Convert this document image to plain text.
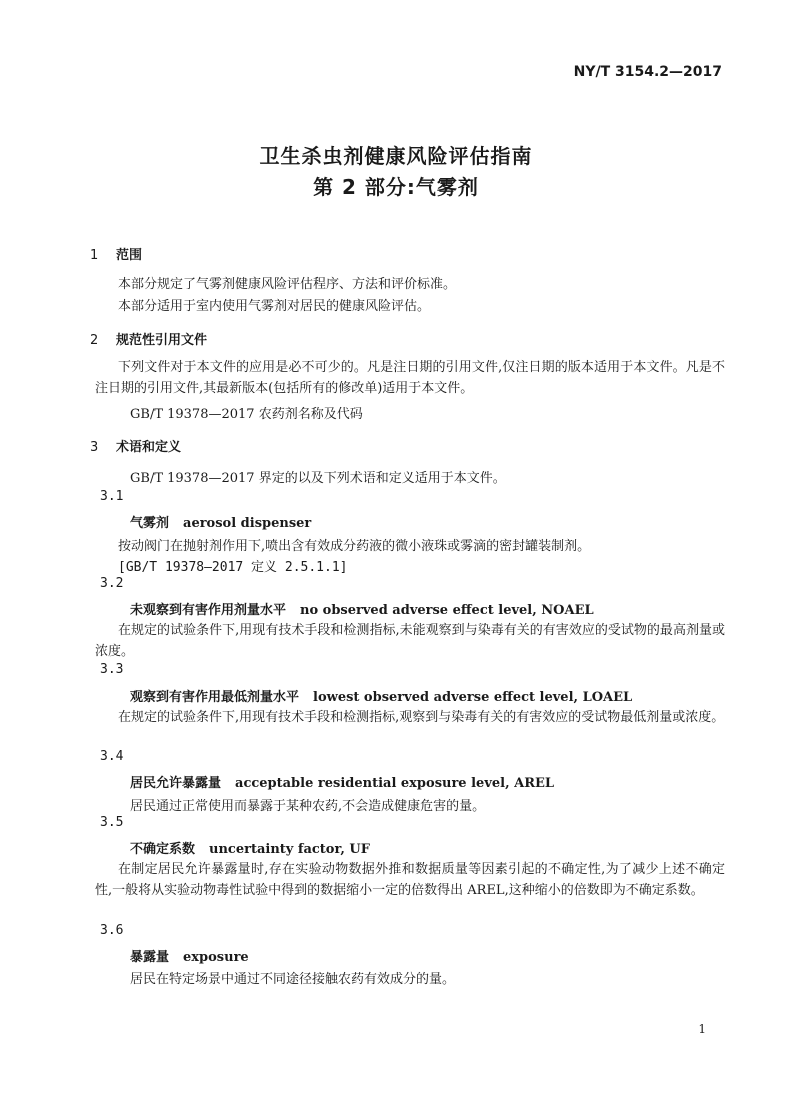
NY/T 3154.2—2017
卫生杀虫剂健康风险评估指南
第 2 部分:气雾剂
1 范围
本部分规定了气雾剂健康风险评估程序、方法和评价标准。
本部分适用于室内使用气雾剂对居民的健康风险评估。
2 规范性引用文件
下列文件对于本文件的应用是必不可少的。凡是注日期的引用文件,仅注日期的版本适用于本文件。凡是不注日期的引用文件,其最新版本(包括所有的修改单)适用于本文件。
GB/T 19378—2017 农药剂名称及代码
3 术语和定义
GB/T 19378—2017 界定的以及下列术语和定义适用于本文件。
3.1
气雾剂 aerosol dispenser
按动阀门在抛射剂作用下,喷出含有效成分药液的微小液珠或雾滴的密封罐装制剂。
[GB/T 19378—2017 定义 2.5.1.1]
3.2
未观察到有害作用剂量水平 no observed adverse effect level, NOAEL
在规定的试验条件下,用现有技术手段和检测指标,未能观察到与染毒有关的有害效应的受试物的最高剂量或浓度。
3.3
观察到有害作用最低剂量水平 lowest observed adverse effect level, LOAEL
在规定的试验条件下,用现有技术手段和检测指标,观察到与染毒有关的有害效应的受试物最低剂量或浓度。
3.4
居民允许暴露量 acceptable residential exposure level, AREL
居民通过正常使用而暴露于某种农药,不会造成健康危害的量。
3.5
不确定系数 uncertainty factor, UF
在制定居民允许暴露量时,存在实验动物数据外推和数据质量等因素引起的不确定性,为了减少上述不确定性,一般将从实验动物毒性试验中得到的数据缩小一定的倍数得出 AREL,这种缩小的倍数即为不确定系数。
3.6
暴露量 exposure
居民在特定场景中通过不同途径接触农药有效成分的量。
1
